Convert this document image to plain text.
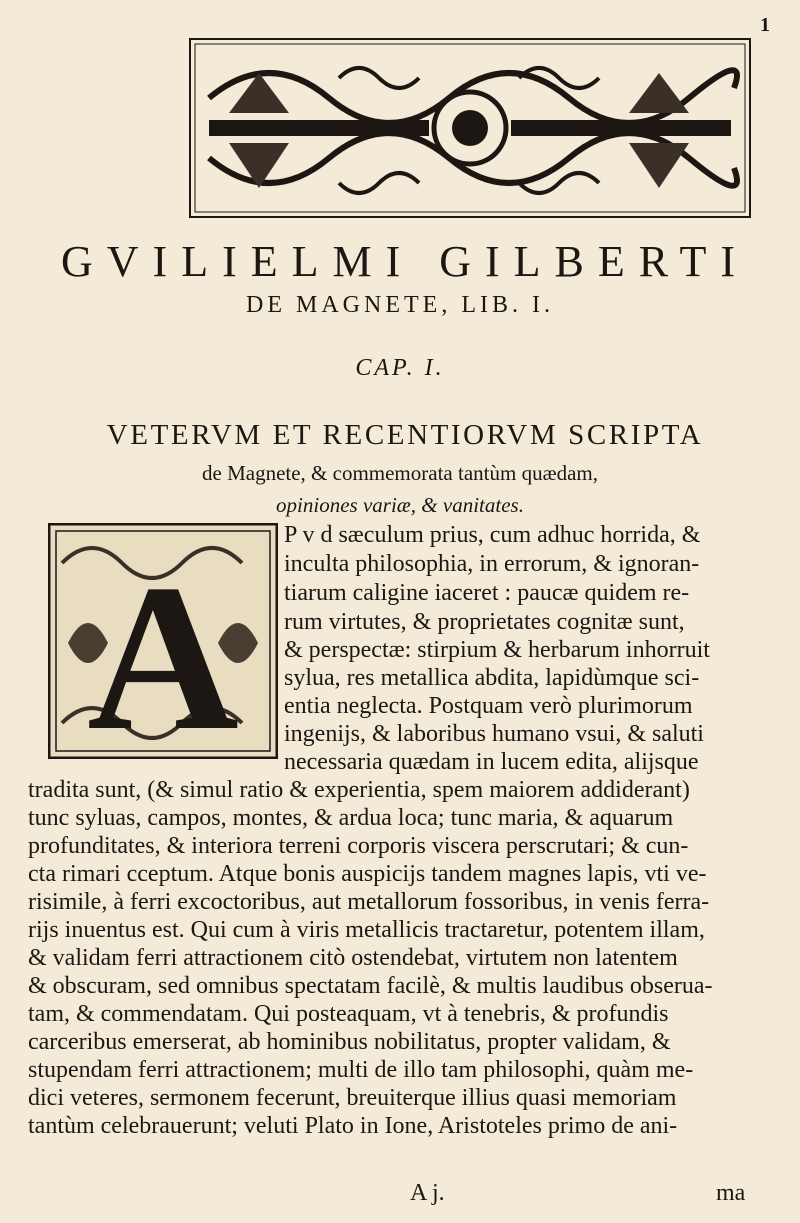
1
GVILIELMI GILBERTI
DE MAGNETE, LIB. I.
CAP. I.
VETERVM ET RECENTIORVM SCRIPTA
de Magnete, & commemorata tantùm quædam,
opiniones variæ, & vanitates.
A
P v d sæculum prius, cum adhuc horrida, &
inculta philosophia, in errorum, & ignoran-
tiarum caligine iaceret : paucæ quidem re-
rum virtutes, & proprietates cognitæ sunt,
& perspectæ: stirpium & herbarum inhorruit
sylua, res metallica abdita, lapidùmque sci-
entia neglecta. Postquam verò plurimorum
ingenijs, & laboribus humano vsui, & saluti
necessaria quædam in lucem edita, alijsque
tradita sunt, (& simul ratio & experientia, spem maiorem addiderant)
tunc syluas, campos, montes, & ardua loca; tunc maria, & aquarum
profunditates, & interiora terreni corporis viscera perscrutari; & cun-
cta rimari cceptum. Atque bonis auspicijs tandem magnes lapis, vti ve-
risimile, à ferri excoctoribus, aut metallorum fossoribus, in venis ferra-
rijs inuentus est. Qui cum à viris metallicis tractaretur, potentem illam,
& validam ferri attractionem citò ostendebat, virtutem non latentem
& obscuram, sed omnibus spectatam facilè, & multis laudibus obserua-
tam, & commendatam. Qui posteaquam, vt à tenebris, & profundis
carceribus emerserat, ab hominibus nobilitatus, propter validam, &
stupendam ferri attractionem; multi de illo tam philosophi, quàm me-
dici veteres, sermonem fecerunt, breuiterque illius quasi memoriam
tantùm celebrauerunt; veluti Plato in Ione, Aristoteles primo de ani-
A j.	ma
